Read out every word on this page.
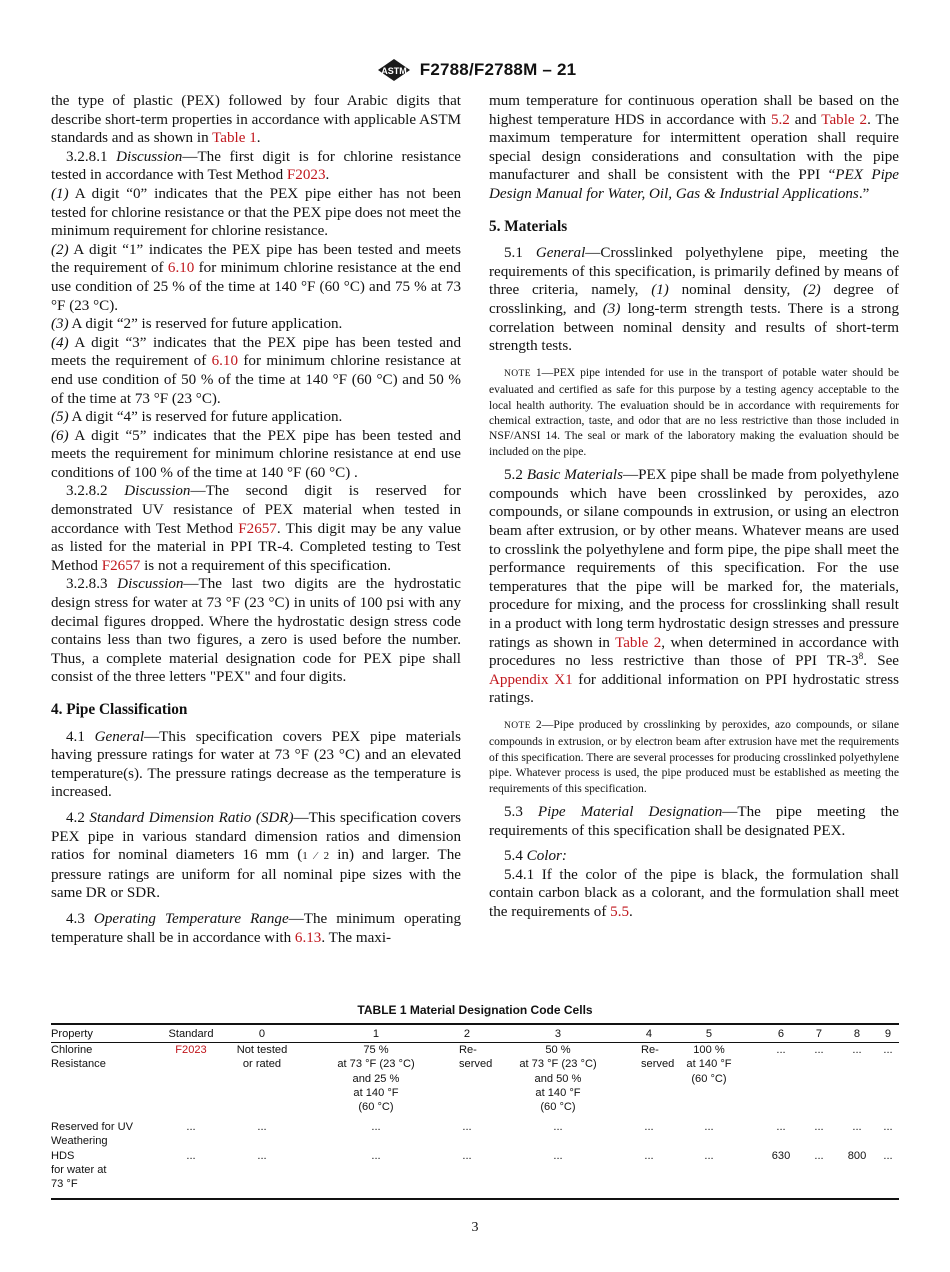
ASTM F2788/F2788M – 21

the type of plastic (PEX) followed by four Arabic digits that describe short-term properties in accordance with applicable ASTM standards and as shown in Table 1.

3.2.8.1 Discussion—The first digit is for chlorine resistance tested in accordance with Test Method F2023.

(1) A digit “0” indicates that the PEX pipe either has not been tested for chlorine resistance or that the PEX pipe does not meet the minimum requirement for chlorine resistance.

(2) A digit “1” indicates the PEX pipe has been tested and meets the requirement of 6.10 for minimum chlorine resistance at the end use condition of 25 % of the time at 140 °F (60 °C) and 75 % at 73 °F (23 °C).

(3) A digit “2” is reserved for future application.

(4) A digit “3” indicates that the PEX pipe has been tested and meets the requirement of 6.10 for minimum chlorine resistance at end use condition of 50 % of the time at 140 °F (60 °C) and 50 % of the time at 73 °F (23 °C).

(5) A digit “4” is reserved for future application.

(6) A digit “5” indicates that the PEX pipe has been tested and meets the requirement for minimum chlorine resistance at end use conditions of 100 % of the time at 140 °F (60 °C) .

3.2.8.2 Discussion—The second digit is reserved for demonstrated UV resistance of PEX material when tested in accordance with Test Method F2657. This digit may be any value as listed for the material in PPI TR-4. Completed testing to Test Method F2657 is not a requirement of this specification.

3.2.8.3 Discussion—The last two digits are the hydrostatic design stress for water at 73 °F (23 °C) in units of 100 psi with any decimal figures dropped. Where the hydrostatic design stress code contains less than two figures, a zero is used before the number. Thus, a complete material designation code for PEX pipe shall consist of the three letters "PEX" and four digits.

4. Pipe Classification

4.1 General—This specification covers PEX pipe materials having pressure ratings for water at 73 °F (23 °C) and an elevated temperature(s). The pressure ratings decrease as the temperature is increased.

4.2 Standard Dimension Ratio (SDR)—This specification covers PEX pipe in various standard dimension ratios and dimension ratios for nominal diameters 16 mm (1 ⁄ 2 in) and larger. The pressure ratings are uniform for all nominal pipe sizes with the same DR or SDR.

4.3 Operating Temperature Range—The minimum operating temperature shall be in accordance with 6.13. The maxi-

mum temperature for continuous operation shall be based on the highest temperature HDS in accordance with 5.2 and Table 2. The maximum temperature for intermittent operation shall require special design considerations and consultation with the pipe manufacturer and shall be consistent with the PPI “PEX Pipe Design Manual for Water, Oil, Gas & Industrial Applications.”

5. Materials

5.1 General—Crosslinked polyethylene pipe, meeting the requirements of this specification, is primarily defined by means of three criteria, namely, (1) nominal density, (2) degree of crosslinking, and (3) long-term strength tests. There is a strong correlation between nominal density and results of short-term strength tests.

NOTE 1—PEX pipe intended for use in the transport of potable water should be evaluated and certified as safe for this purpose by a testing agency acceptable to the local health authority. The evaluation should be in accordance with requirements for chemical extraction, taste, and odor that are no less restrictive than those included in NSF/ANSI 14. The seal or mark of the laboratory making the evaluation should be included on the pipe.

5.2 Basic Materials—PEX pipe shall be made from polyethylene compounds which have been crosslinked by peroxides, azo compounds, or silane compounds in extrusion, or using an electron beam after extrusion, or by other means. Whatever means are used to crosslink the polyethylene and form pipe, the pipe shall meet the performance requirements of this specification. For the use temperatures that the pipe will be marked for, the materials, procedure for mixing, and the process for crosslinking shall result in a product with long term hydrostatic design stresses and pressure ratings as shown in Table 2, when determined in accordance with procedures no less restrictive than those of PPI $TR-3^8$. See Appendix X1 for additional information on PPI hydrostatic stress ratings.

NOTE 2—Pipe produced by crosslinking by peroxides, azo compounds, or silane compounds in extrusion, or by electron beam after extrusion have met the requirements of this specification. There are several processes for producing crosslinked polyethylene pipe. Whatever process is used, the pipe produced must be established as meeting the requirements of this specification.

5.3 Pipe Material Designation—The pipe meeting the requirements of this specification shall be designated PEX.

5.4 Color:

5.4.1 If the color of the pipe is black, the formulation shall contain carbon black as a colorant, and the formulation shall meet the requirements of 5.5.

TABLE 1 Material Designation Code Cells
Property	Standard	0	1	2	3	4	5	6	7	8	9
Chlorine
Resistance	F2023	Not tested
or rated	75 %
at 73 °F (23 °C)
and 25 %
at 140 °F
(60 °C)	Re-
served	50 %
at 73 °F (23 °C)
and 50 %
at 140 °F
(60 °C)	Re-
served	100 %
at 140 °F
(60 °C)	...	...	...	...
Reserved for UV
Weathering	...	...	...	...	...	...	...	...	...	...	...
HDS
for water at
73 °F	...	...	...	...	...	...	...	630	...	800	...
3
